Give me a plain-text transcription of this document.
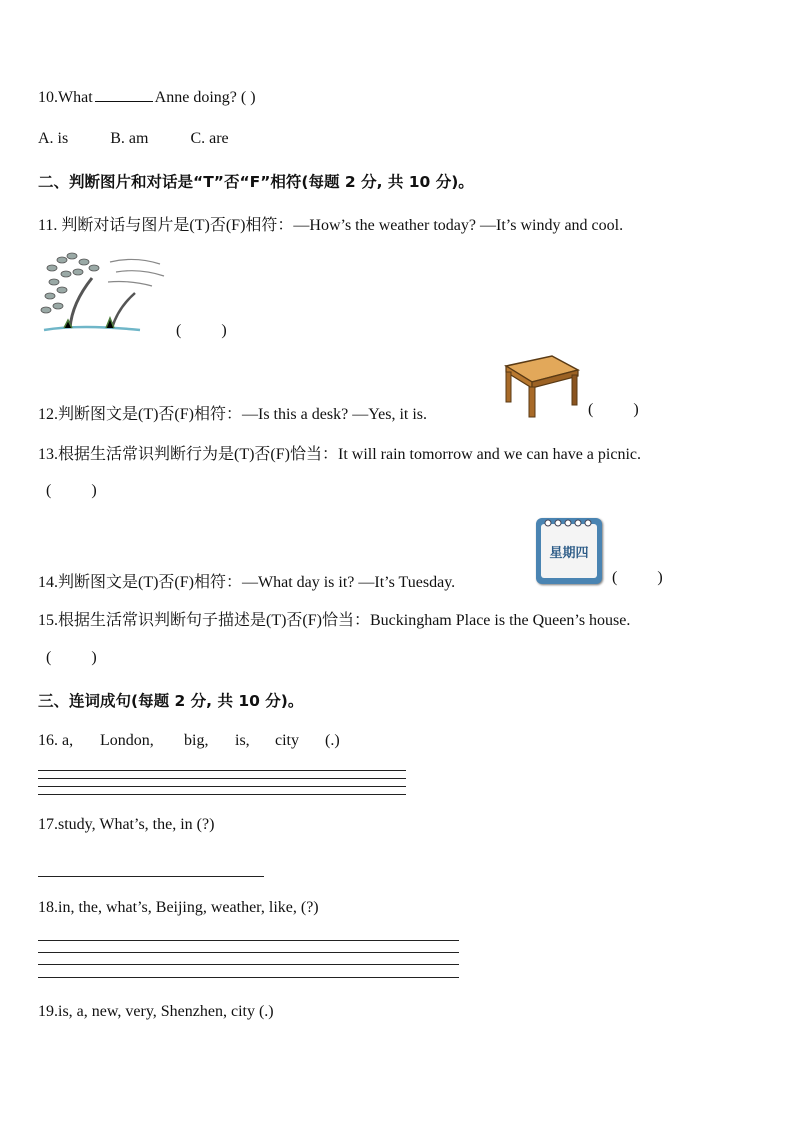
10.What	Anne doing? ( )
A. is	B. am	C. are
二、判断图片和对话是“T”否“F”相符(每题 2 分, 共 10 分)。
11. 判断对话与图片是(T)否(F)相符：—How’s the weather today? —It’s windy and cool.
(          )
12.判断图文是(T)否(F)相符：—Is this a desk? —Yes, it is.	(          )
13.根据生活常识判断行为是(T)否(F)恰当：It will rain tomorrow and we can have a picnic.
(          )
星期四
14.判断图文是(T)否(F)相符：—What day is it? —It’s Tuesday.	(          )
15.根据生活常识判断句子描述是(T)否(F)恰当：Buckingham Place is the Queen’s house.
(          )
三、连词成句(每题 2 分, 共 10 分)。
16. a, London, big, is, city (.)
17.study, What’s, the, in (?)
18.in, the, what’s, Beijing, weather, like, (?)
19.is, a, new, very, Shenzhen, city (.)
